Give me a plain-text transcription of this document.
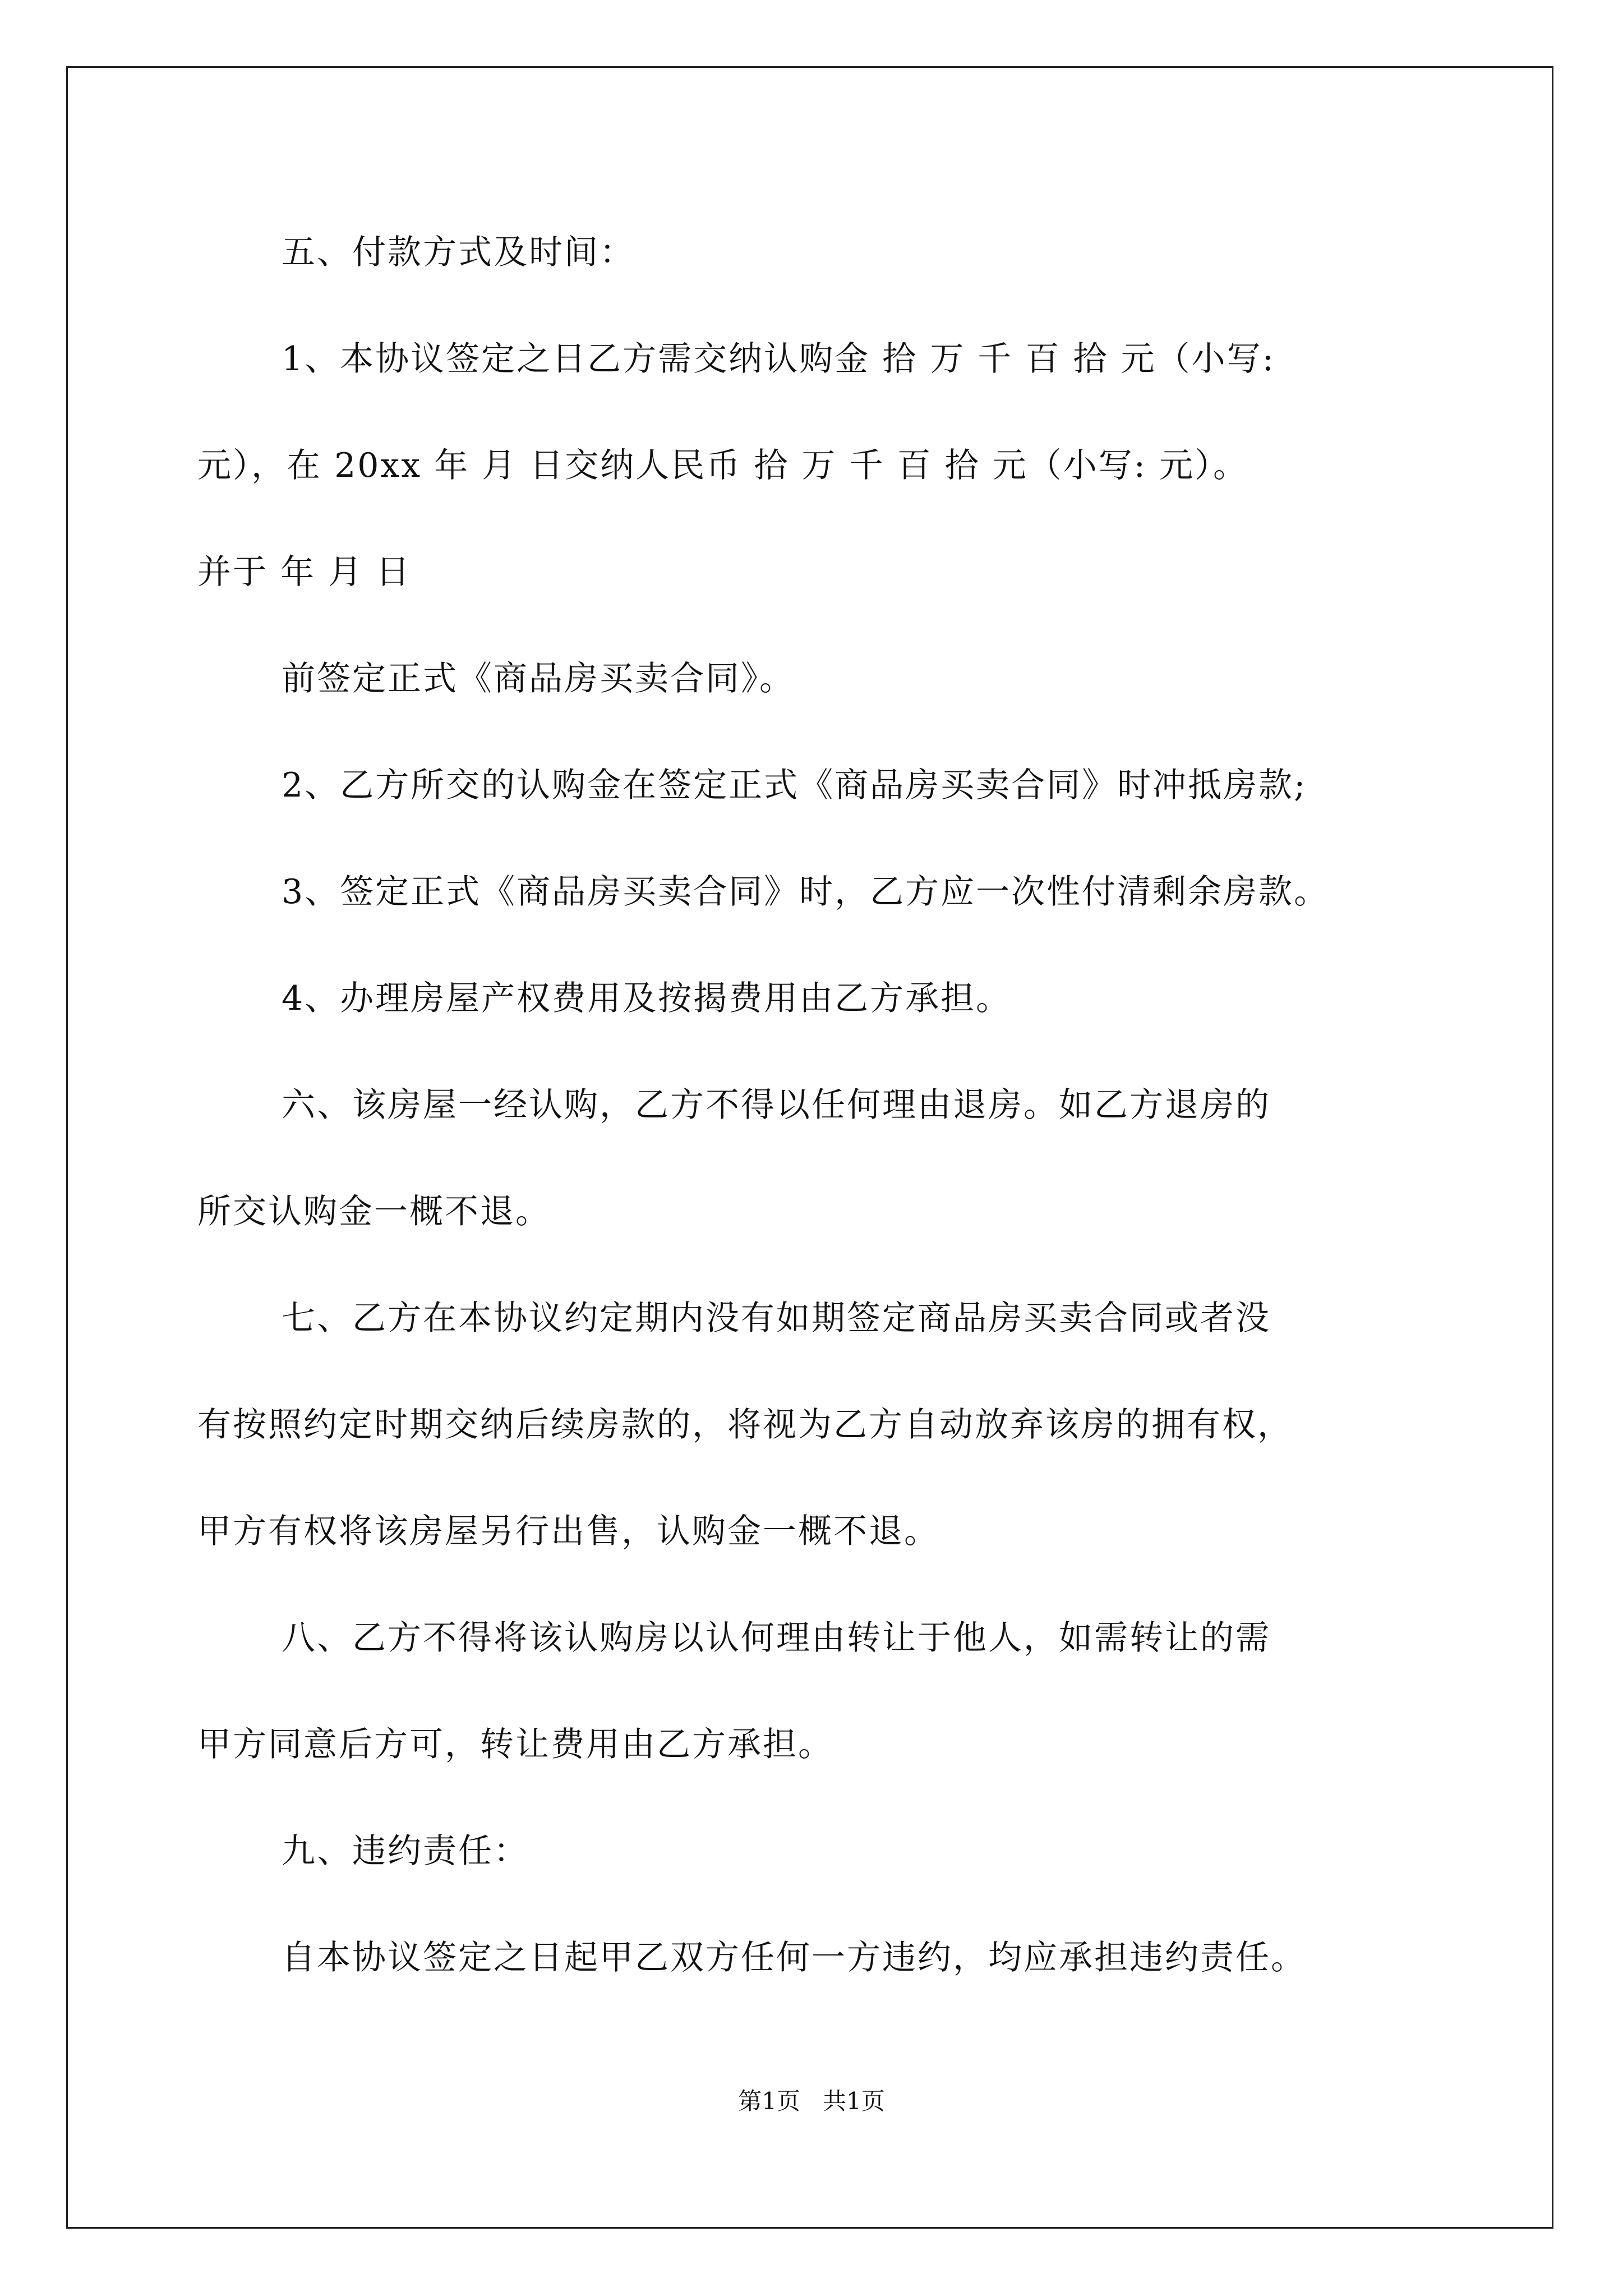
五、付款方式及时间：
1、本协议签定之日乙方需交纳认购金 拾 万 千 百 拾 元（小写:
元），在 20xx 年 月 日交纳人民币 拾 万 千 百 拾 元（小写: 元）。
并于 年 月 日
前签定正式《商品房买卖合同》。
2、乙方所交的认购金在签定正式《商品房买卖合同》时冲抵房款;
3、签定正式《商品房买卖合同》时，乙方应一次性付清剩余房款。
4、办理房屋产权费用及按揭费用由乙方承担。
六、该房屋一经认购，乙方不得以任何理由退房。如乙方退房的
所交认购金一概不退。
七、乙方在本协议约定期内没有如期签定商品房买卖合同或者没
有按照约定时期交纳后续房款的，将视为乙方自动放弃该房的拥有权，
甲方有权将该房屋另行出售，认购金一概不退。
八、乙方不得将该认购房以认何理由转让于他人，如需转让的需
甲方同意后方可，转让费用由乙方承担。
九、违约责任：
自本协议签定之日起甲乙双方任何一方违约，均应承担违约责任。
第1页   共1页
